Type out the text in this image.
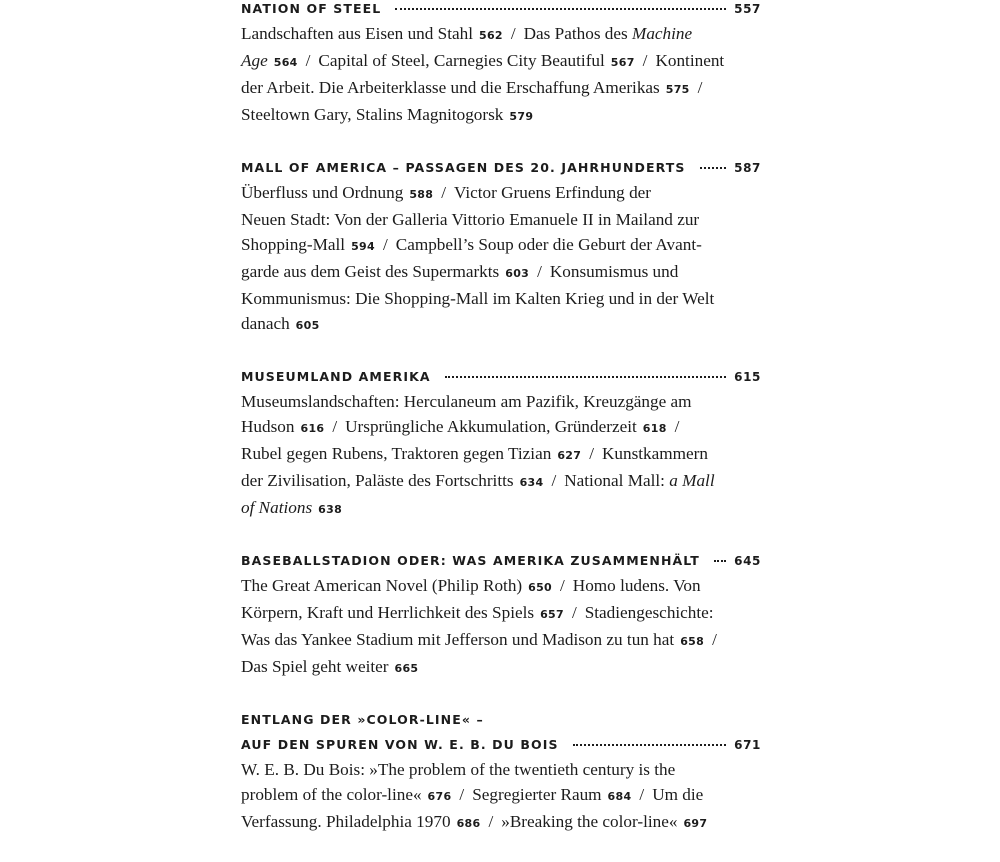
NATION OF STEEL	557
Landschaften aus Eisen und Stahl 562 / Das Pathos des Machine
Age 564 / Capital of Steel, Carnegies City Beautiful 567 / Kontinent
der Arbeit. Die Arbeiterklasse und die Erschaffung Amerikas 575 /
Steeltown Gary, Stalins Magnitogorsk 579
MALL OF AMERICA – PASSAGEN DES 20. JAHRHUNDERTS	587
Überfluss und Ordnung 588 / Victor Gruens Erfindung der
Neuen Stadt: Von der Galleria Vittorio Emanuele II in Mailand zur
Shopping-Mall 594 / Campbell’s Soup oder die Geburt der Avant-
garde aus dem Geist des Supermarkts 603 / Konsumismus und
Kommunismus: Die Shopping-Mall im Kalten Krieg und in der Welt
danach 605
MUSEUMLAND AMERIKA	615
Museumslandschaften: Herculaneum am Pazifik, Kreuzgänge am
Hudson 616 / Ursprüngliche Akkumulation, Gründerzeit 618 /
Rubel gegen Rubens, Traktoren gegen Tizian 627 / Kunstkammern
der Zivilisation, Paläste des Fortschritts 634 / National Mall: a Mall
of Nations 638
BASEBALLSTADION ODER: WAS AMERIKA ZUSAMMENHÄLT	645
The Great American Novel (Philip Roth) 650 / Homo ludens. Von
Körpern, Kraft und Herrlichkeit des Spiels 657 / Stadiengeschichte:
Was das Yankee Stadium mit Jefferson und Madison zu tun hat 658 /
Das Spiel geht weiter 665
ENTLANG DER »COLOR-LINE« –
AUF DEN SPUREN VON W. E. B. DU BOIS	671
W. E. B. Du Bois: »The problem of the twentieth century is the
problem of the color-line« 676 / Segregierter Raum 684 / Um die
Verfassung. Philadelphia 1970 686 / »Breaking the color-line« 697
